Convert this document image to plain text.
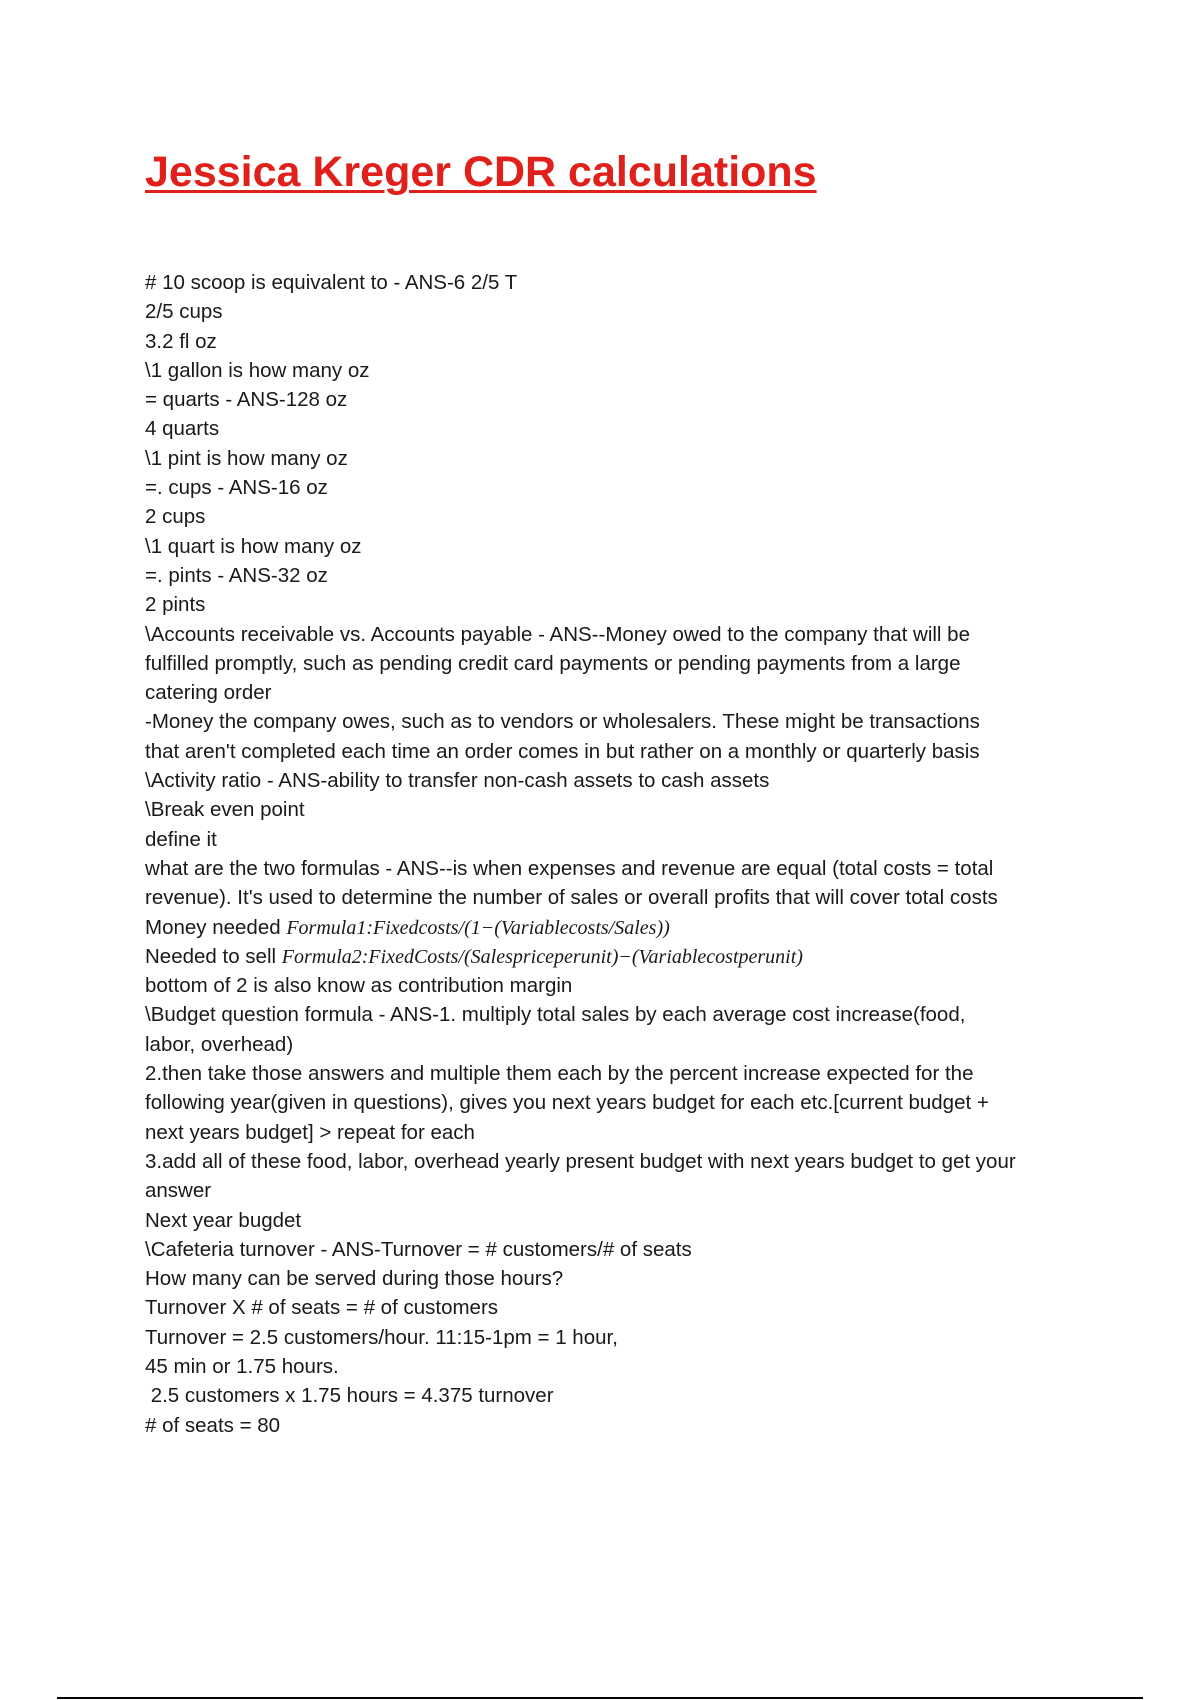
Jessica Kreger CDR calculations

# 10 scoop is equivalent to - ANS-6 2/5 T

2/5 cups

3.2 fl oz

\1 gallon is how many oz

= quarts - ANS-128 oz

4 quarts

\1 pint is how many oz

=. cups - ANS-16 oz

2 cups

\1 quart is how many oz

=. pints - ANS-32 oz

2 pints

\Accounts receivable vs. Accounts payable - ANS--Money owed to the company that will be

fulfilled promptly, such as pending credit card payments or pending payments from a large

catering order

-Money the company owes, such as to vendors or wholesalers. These might be transactions

that aren't completed each time an order comes in but rather on a monthly or quarterly basis

\Activity ratio - ANS-ability to transfer non-cash assets to cash assets

\Break even point

define it

what are the two formulas - ANS--is when expenses and revenue are equal (total costs = total

revenue). It's used to determine the number of sales or overall profits that will cover total costs

Money needed Formula1:Fixedcosts/(1−(Variablecosts/Sales))

Needed to sell Formula2:FixedCosts/(Salespriceperunit)−(Variablecostperunit)

bottom of 2 is also know as contribution margin

\Budget question formula - ANS-1. multiply total sales by each average cost increase(food,

labor, overhead)

2.then take those answers and multiple them each by the percent increase expected for the

following year(given in questions), gives you next years budget for each etc.[current budget +

next years budget] > repeat for each

3.add all of these food, labor, overhead yearly present budget with next years budget to get your

answer

Next year bugdet

\Cafeteria turnover - ANS-Turnover = # customers/# of seats

How many can be served during those hours?

Turnover X # of seats = # of customers

Turnover = 2.5 customers/hour. 11:15-1pm = 1 hour,

45 min or 1.75 hours.

2.5 customers x 1.75 hours = 4.375 turnover

# of seats = 80
